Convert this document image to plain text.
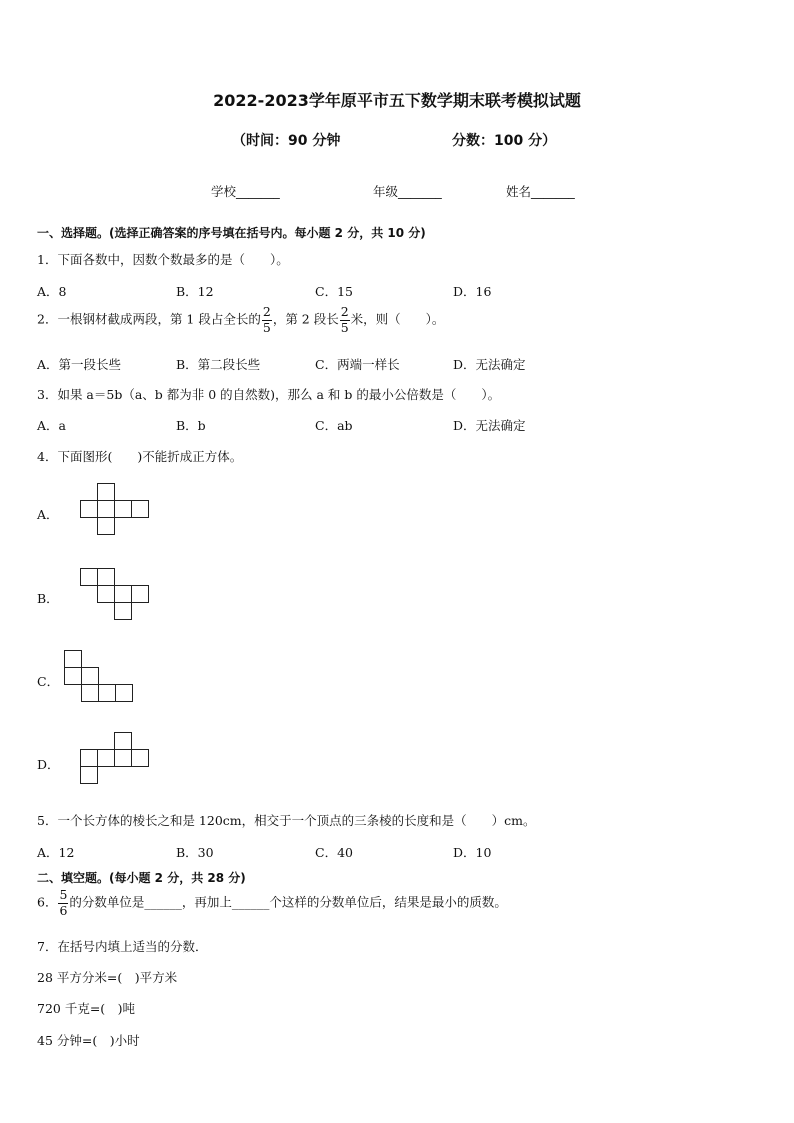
2022-2023学年原平市五下数学期末联考模拟试题
（时间：90 分钟	分数：100 分）
学校_______	年级_______	姓名_______
一、选择题。(选择正确答案的序号填在括号内。每小题 2 分，共 10 分)
1．下面各数中，因数个数最多的是（　　）。
A．8	B．12	C．15	D．16
2．一根钢材截成两段，第 1 段占全长的 $\frac{2}{5}$ ，第 2 段长 $\frac{2}{5}$ 米，则（　　）。
A．第一段长些	B．第二段长些	C．两端一样长	D．无法确定
3．如果 a＝5b（a、b 都为非 0 的自然数)，那么 a 和 b 的最小公倍数是（　　）。
A．a	B．b	C．ab	D．无法确定
4．下面图形(　　)不能折成正方体。
A．
B．
C．
D．
5．一个长方体的棱长之和是 120cm，相交于一个顶点的三条棱的长度和是（　　）cm。
A．12	B．30	C．40	D．10
二、填空题。(每小题 2 分，共 28 分)
6． $\frac{5}{6}$ 的分数单位是______，再加上______个这样的分数单位后，结果是最小的质数。
7．在括号内填上适当的分数．
28 平方分米=(　)平方米
720 千克=(　)吨
45 分钟=(　)小时
